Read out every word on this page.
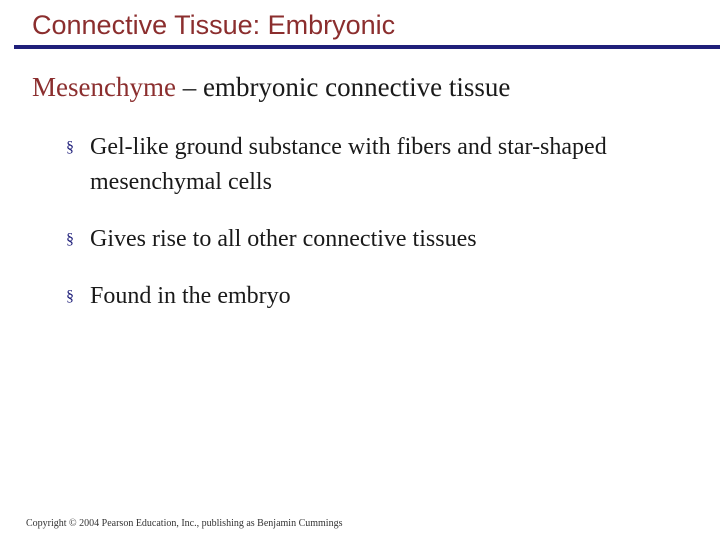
Connective Tissue: Embryonic
Mesenchyme – embryonic connective tissue
§ Gel-like ground substance with fibers and star-shaped mesenchymal cells
§ Gives rise to all other connective tissues
§ Found in the embryo
Copyright © 2004 Pearson Education, Inc., publishing as Benjamin Cummings
